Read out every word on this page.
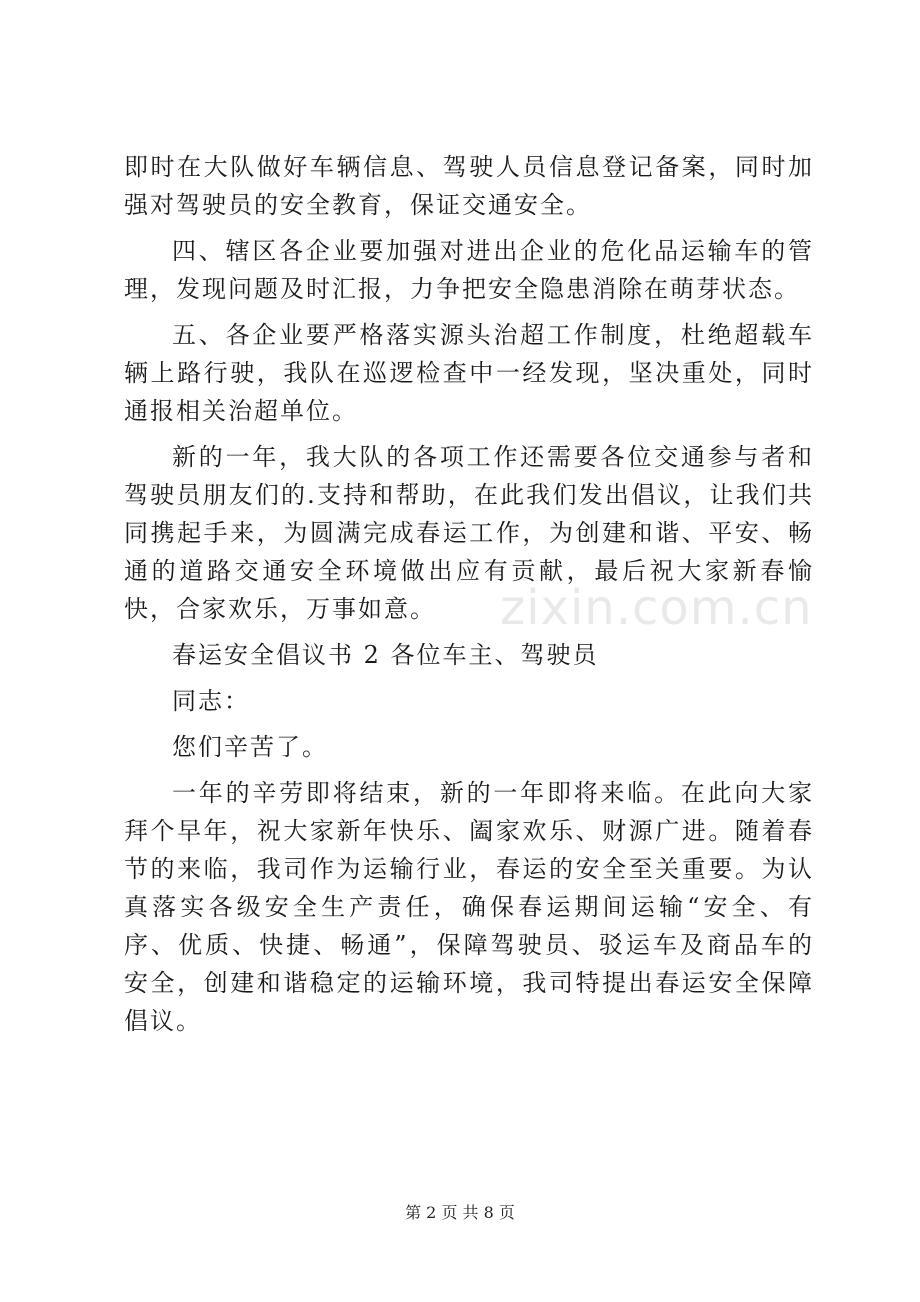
即时在大队做好车辆信息、驾驶人员信息登记备案，同时加强对驾驶员的安全教育，保证交通安全。

四、辖区各企业要加强对进出企业的危化品运输车的管理，发现问题及时汇报，力争把安全隐患消除在萌芽状态。

五、各企业要严格落实源头治超工作制度，杜绝超载车辆上路行驶，我队在巡逻检查中一经发现，坚决重处，同时通报相关治超单位。

新的一年，我大队的各项工作还需要各位交通参与者和驾驶员朋友们的.支持和帮助，在此我们发出倡议，让我们共同携起手来，为圆满完成春运工作，为创建和谐、平安、畅通的道路交通安全环境做出应有贡献，最后祝大家新春愉快，合家欢乐，万事如意。

春运安全倡议书 2 各位车主、驾驶员

同志：

您们辛苦了。

一年的辛劳即将结束，新的一年即将来临。在此向大家拜个早年，祝大家新年快乐、阖家欢乐、财源广进。随着春节的来临，我司作为运输行业，春运的安全至关重要。为认真落实各级安全生产责任，确保春运期间运输“安全、有序、优质、快捷、畅通”，保障驾驶员、驳运车及商品车的安全，创建和谐稳定的运输环境，我司特提出春运安全保障倡议。

zixin.com.cn
第 2 页 共 8 页
